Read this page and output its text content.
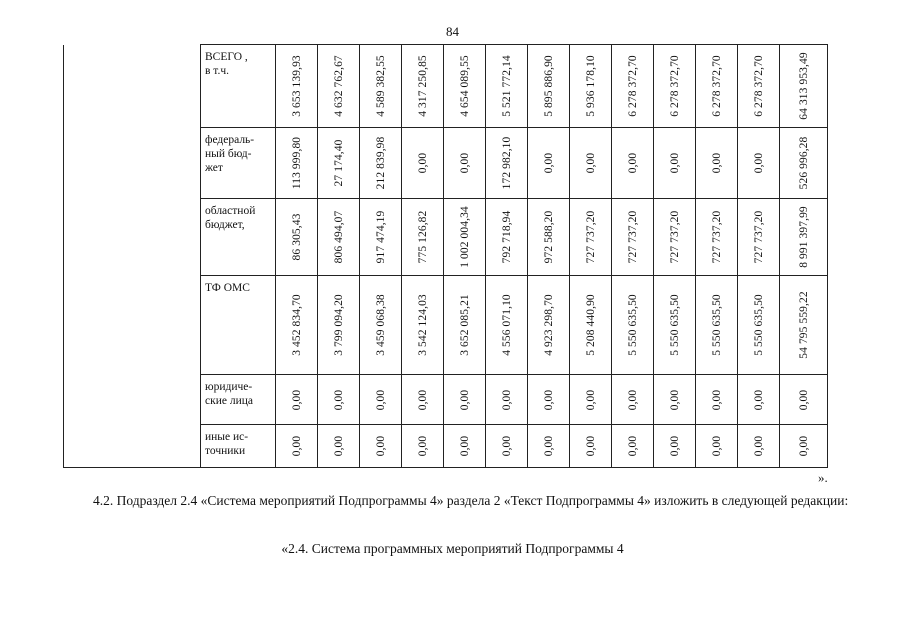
84
	ВСЕГО ,
в т.ч.	3 653 139,93	4 632 762,67	4 589 382,55	4 317 250,85	4 654 089,55	5 521 772,14	5 895 886,90	5 936 178,10	6 278 372,70	6 278 372,70	6 278 372,70	6 278 372,70	64 313 953,49

	федераль-
ный бюд-
жет	113 999,80	27 174,40	212 839,98	0,00	0,00	172 982,10	0,00	0,00	0,00	0,00	0,00	0,00	526 996,28

	областной
бюджет,	86 305,43	806 494,07	917 474,19	775 126,82	1 002 004,34	792 718,94	972 588,20	727 737,20	727 737,20	727 737,20	727 737,20	727 737,20	8 991 397,99

	ТФ ОМС	3 452 834,70	3 799 094,20	3 459 068,38	3 542 124,03	3 652 085,21	4 556 071,10	4 923 298,70	5 208 440,90	5 550 635,50	5 550 635,50	5 550 635,50	5 550 635,50	54 795 559,22

	юридиче-
ские лица	0,00	0,00	0,00	0,00	0,00	0,00	0,00	0,00	0,00	0,00	0,00	0,00	0,00

	иные ис-
точники	0,00	0,00	0,00	0,00	0,00	0,00	0,00	0,00	0,00	0,00	0,00	0,00	0,00
».
4.2. Подраздел 2.4 «Система мероприятий Подпрограммы 4» раздела 2 «Текст Подпрограммы 4» изложить в следующей редакции:
«2.4. Система программных мероприятий Подпрограммы 4
